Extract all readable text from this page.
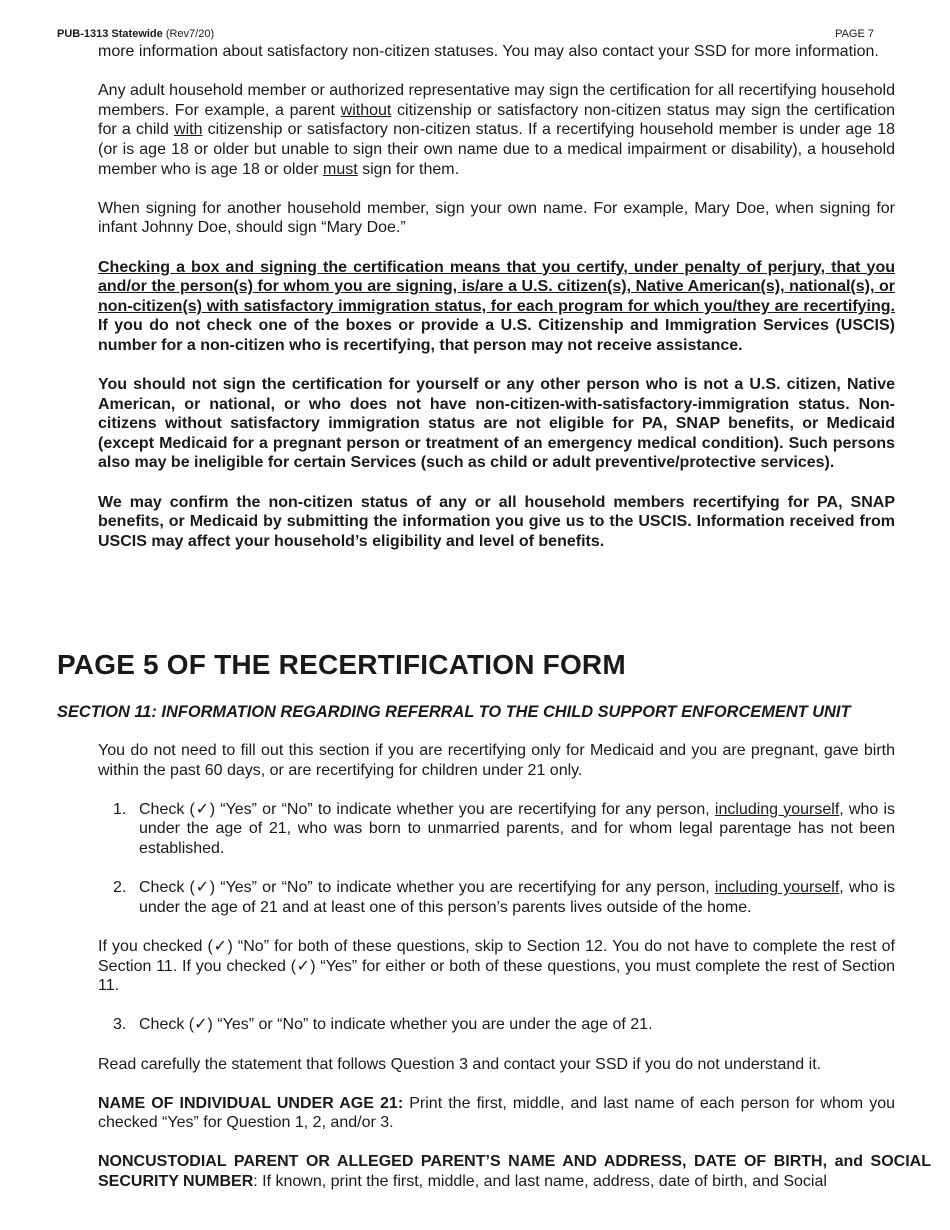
PUB-1313 Statewide (Rev7/20)	PAGE 7

more information about satisfactory non-citizen statuses. You may also contact your SSD for more information.

Any adult household member or authorized representative may sign the certification for all recertifying household members. For example, a parent without citizenship or satisfactory non-citizen status may sign the certification for a child with citizenship or satisfactory non-citizen status. If a recertifying household member is under age 18 (or is age 18 or older but unable to sign their own name due to a medical impairment or disability), a household member who is age 18 or older must sign for them.

When signing for another household member, sign your own name. For example, Mary Doe, when signing for infant Johnny Doe, should sign “Mary Doe.”

Checking a box and signing the certification means that you certify, under penalty of perjury, that you and/or the person(s) for whom you are signing, is/are a U.S. citizen(s), Native American(s), national(s), or non-citizen(s) with satisfactory immigration status, for each program for which you/they are recertifying. If you do not check one of the boxes or provide a U.S. Citizenship and Immigration Services (USCIS) number for a non-citizen who is recertifying, that person may not receive assistance.

You should not sign the certification for yourself or any other person who is not a U.S. citizen, Native American, or national, or who does not have non-citizen-with-satisfactory-immigration status. Non-citizens without satisfactory immigration status are not eligible for PA, SNAP benefits, or Medicaid (except Medicaid for a pregnant person or treatment of an emergency medical condition). Such persons also may be ineligible for certain Services (such as child or adult preventive/protective services).

We may confirm the non-citizen status of any or all household members recertifying for PA, SNAP benefits, or Medicaid by submitting the information you give us to the USCIS. Information received from USCIS may affect your household’s eligibility and level of benefits.

PAGE 5 OF THE RECERTIFICATION FORM
SECTION 11: INFORMATION REGARDING REFERRAL TO THE CHILD SUPPORT ENFORCEMENT UNIT

You do not need to fill out this section if you are recertifying only for Medicaid and you are pregnant, gave birth within the past 60 days, or are recertifying for children under 21 only.

1. Check (✓) “Yes” or “No” to indicate whether you are recertifying for any person, including yourself, who is under the age of 21, who was born to unmarried parents, and for whom legal parentage has not been established.
2. Check (✓) “Yes” or “No” to indicate whether you are recertifying for any person, including yourself, who is under the age of 21 and at least one of this person’s parents lives outside of the home.

If you checked (✓) “No” for both of these questions, skip to Section 12. You do not have to complete the rest of Section 11. If you checked (✓) “Yes” for either or both of these questions, you must complete the rest of Section 11.

3. Check (✓) “Yes” or “No” to indicate whether you are under the age of 21.

Read carefully the statement that follows Question 3 and contact your SSD if you do not understand it.

NAME OF INDIVIDUAL UNDER AGE 21: Print the first, middle, and last name of each person for whom you checked “Yes” for Question 1, 2, and/or 3.

NONCUSTODIAL PARENT OR ALLEGED PARENT’S NAME AND ADDRESS, DATE OF BIRTH, and SOCIAL SECURITY NUMBER: If known, print the first, middle, and last name, address, date of birth, and Social
